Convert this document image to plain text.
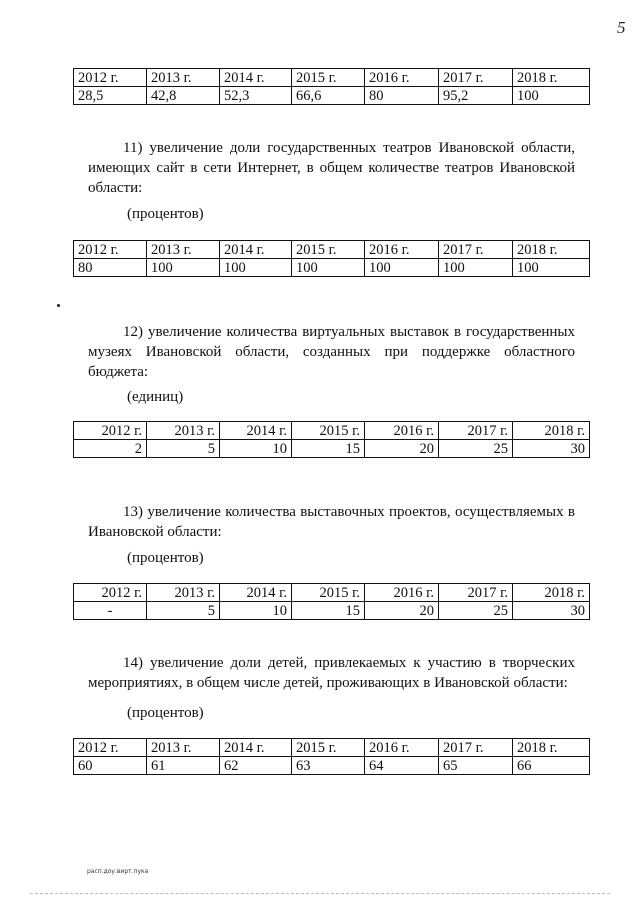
5
2012 г.	2013 г.	2014 г.	2015 г.	2016 г.	2017 г.	2018 г.
28,5	42,8	52,3	66,6	80	95,2	100
11) увеличение доли государственных театров Ивановской области, имеющих сайт в сети Интернет, в общем количестве театров Ивановской области:
(процентов)
2012 г.	2013 г.	2014 г.	2015 г.	2016 г.	2017 г.	2018 г.
80	100	100	100	100	100	100
12) увеличение количества виртуальных выставок в государственных музеях Ивановской области, созданных при поддержке областного бюджета:
(единиц)
2012 г.	2013 г.	2014 г.	2015 г.	2016 г.	2017 г.	2018 г.
2	5	10	15	20	25	30
13) увеличение количества выставочных проектов, осуществляемых в Ивановской области:
(процентов)
2012 г.	2013 г.	2014 г.	2015 г.	2016 г.	2017 г.	2018 г.
-	5	10	15	20	25	30
14) увеличение доли детей, привлекаемых к участию в творческих мероприятиях, в общем числе детей, проживающих в Ивановской области:
(процентов)
2012 г.	2013 г.	2014 г.	2015 г.	2016 г.	2017 г.	2018 г.
60	61	62	63	64	65	66
расп.доу.вирт.пука
